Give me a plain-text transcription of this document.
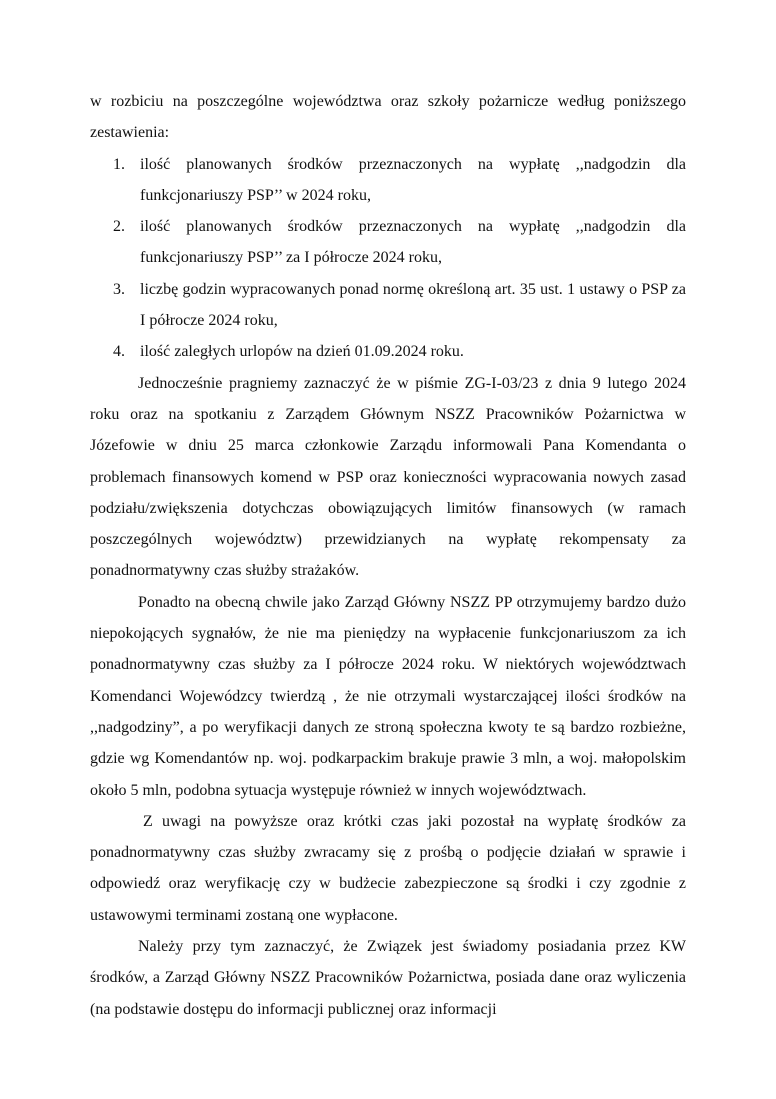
w rozbiciu na poszczególne województwa oraz szkoły pożarnicze według poniższego zestawienia:

1. ilość planowanych środków przeznaczonych na wypłatę ,,nadgodzin dla funkcjonariuszy PSP’’ w 2024 roku,
2. ilość planowanych środków przeznaczonych na wypłatę ,,nadgodzin dla funkcjonariuszy PSP’’ za I półrocze 2024 roku,
3. liczbę godzin wypracowanych ponad normę określoną art. 35 ust. 1 ustawy o PSP za I półrocze 2024 roku,
4. ilość zaległych urlopów na dzień 01.09.2024 roku.

Jednocześnie pragniemy zaznaczyć że w piśmie ZG-I-03/23 z dnia 9 lutego 2024 roku oraz na spotkaniu z Zarządem Głównym NSZZ Pracowników Pożarnictwa w Józefowie w dniu 25 marca członkowie Zarządu informowali Pana Komendanta o problemach finansowych komend w PSP oraz konieczności wypracowania nowych zasad podziału/zwiększenia dotychczas obowiązujących limitów finansowych (w ramach poszczególnych województw) przewidzianych na wypłatę rekompensaty za ponadnormatywny czas służby strażaków.

Ponadto na obecną chwile jako Zarząd Główny NSZZ PP otrzymujemy bardzo dużo niepokojących sygnałów, że nie ma pieniędzy na wypłacenie funkcjonariuszom za ich ponadnormatywny czas służby za I półrocze 2024 roku. W niektórych województwach Komendanci Wojewódzcy twierdzą , że nie otrzymali wystarczającej ilości środków na ,,nadgodziny”, a po weryfikacji danych ze stroną społeczna kwoty te są bardzo rozbieżne, gdzie wg Komendantów np. woj. podkarpackim brakuje prawie 3 mln, a woj. małopolskim około 5 mln, podobna sytuacja występuje również w innych województwach.

Z uwagi na powyższe oraz krótki czas jaki pozostał na wypłatę środków za ponadnormatywny czas służby zwracamy się z prośbą o podjęcie działań w sprawie i odpowiedź oraz weryfikację czy w budżecie zabezpieczone są środki i czy zgodnie z ustawowymi terminami zostaną one wypłacone.

Należy przy tym zaznaczyć, że Związek jest świadomy posiadania przez KW środków, a Zarząd Główny NSZZ Pracowników Pożarnictwa, posiada dane oraz wyliczenia (na podstawie dostępu do informacji publicznej oraz informacji
